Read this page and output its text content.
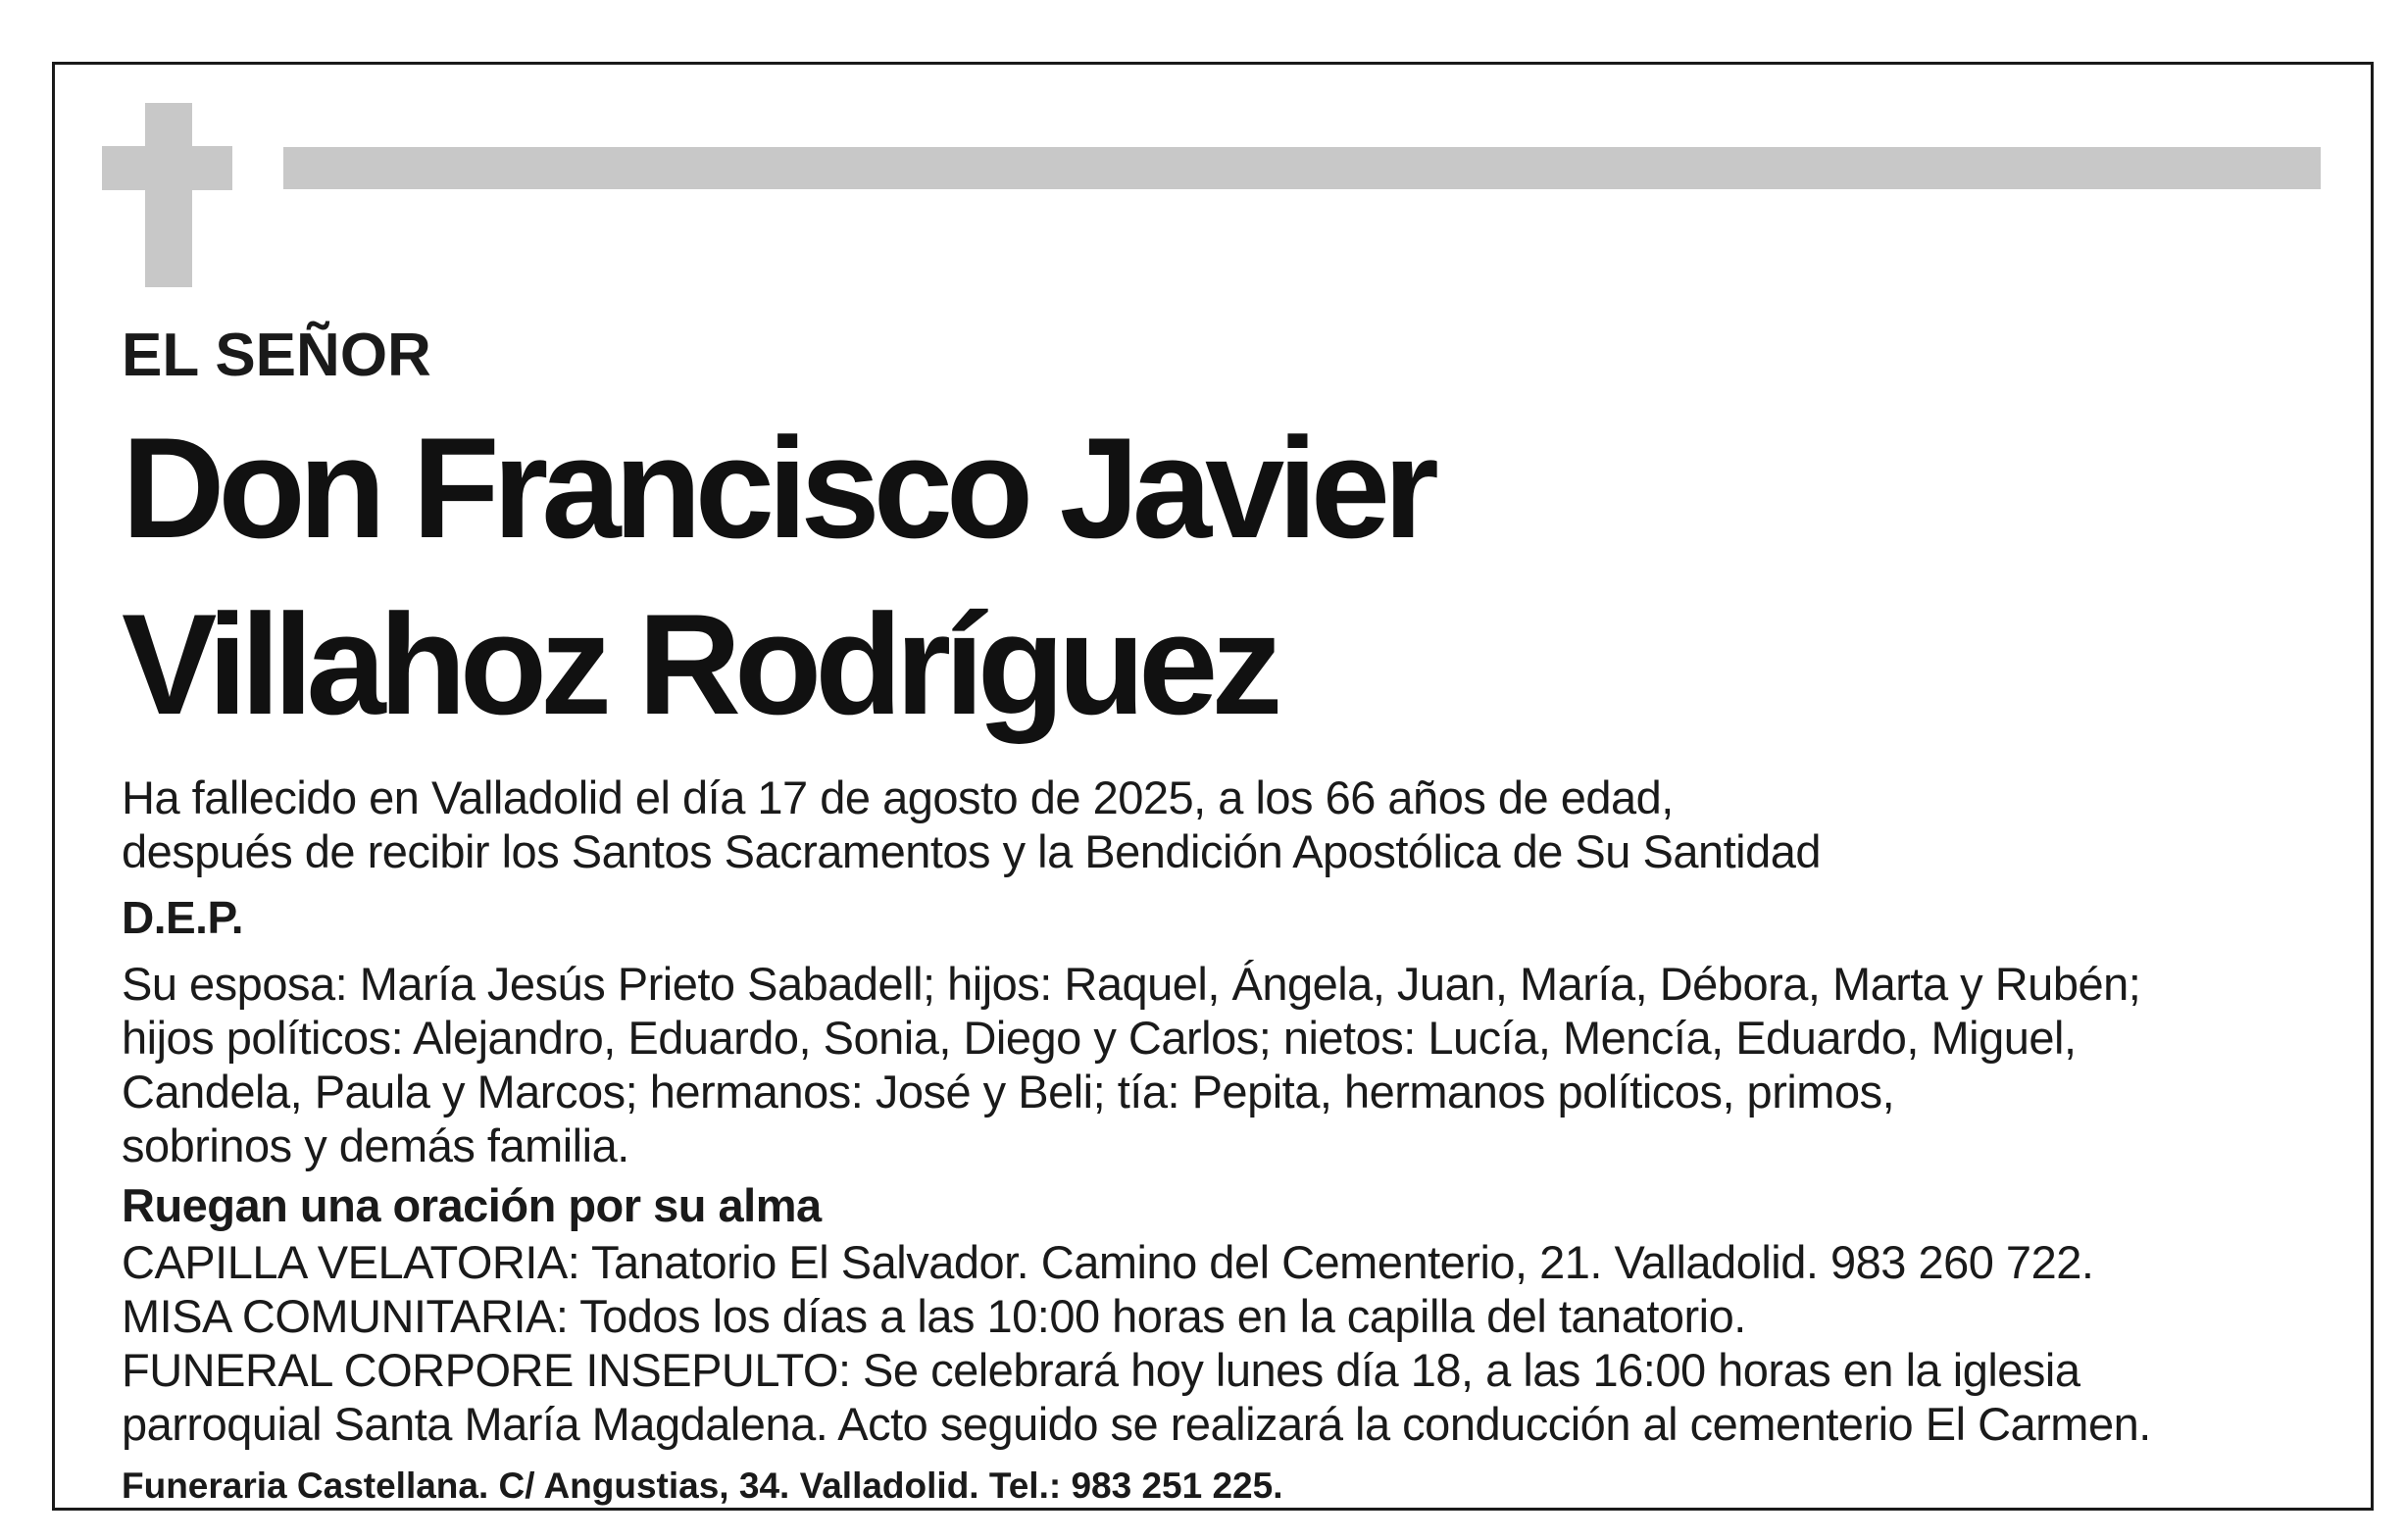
EL SEÑOR

Don Francisco Javier
Villahoz Rodríguez

Ha fallecido en Valladolid el día 17 de agosto de 2025, a los 66 años de edad,
después de recibir los Santos Sacramentos y la Bendición Apostólica de Su Santidad
D.E.P.
Su esposa: María Jesús Prieto Sabadell; hijos: Raquel, Ángela, Juan, María, Débora, Marta y Rubén;
hijos políticos: Alejandro, Eduardo, Sonia, Diego y Carlos; nietos: Lucía, Mencía, Eduardo, Miguel,
Candela, Paula y Marcos; hermanos: José y Beli; tía: Pepita, hermanos políticos, primos,
sobrinos y demás familia.
Ruegan una oración por su alma
CAPILLA VELATORIA: Tanatorio El Salvador. Camino del Cementerio, 21. Valladolid. 983 260 722.
MISA COMUNITARIA: Todos los días a las 10:00 horas en la capilla del tanatorio.
FUNERAL CORPORE INSEPULTO: Se celebrará hoy lunes día 18, a las 16:00 horas en la iglesia
parroquial Santa María Magdalena. Acto seguido se realizará la conducción al cementerio El Carmen.
Funeraria Castellana. C/ Angustias, 34. Valladolid. Tel.: 983 251 225.
